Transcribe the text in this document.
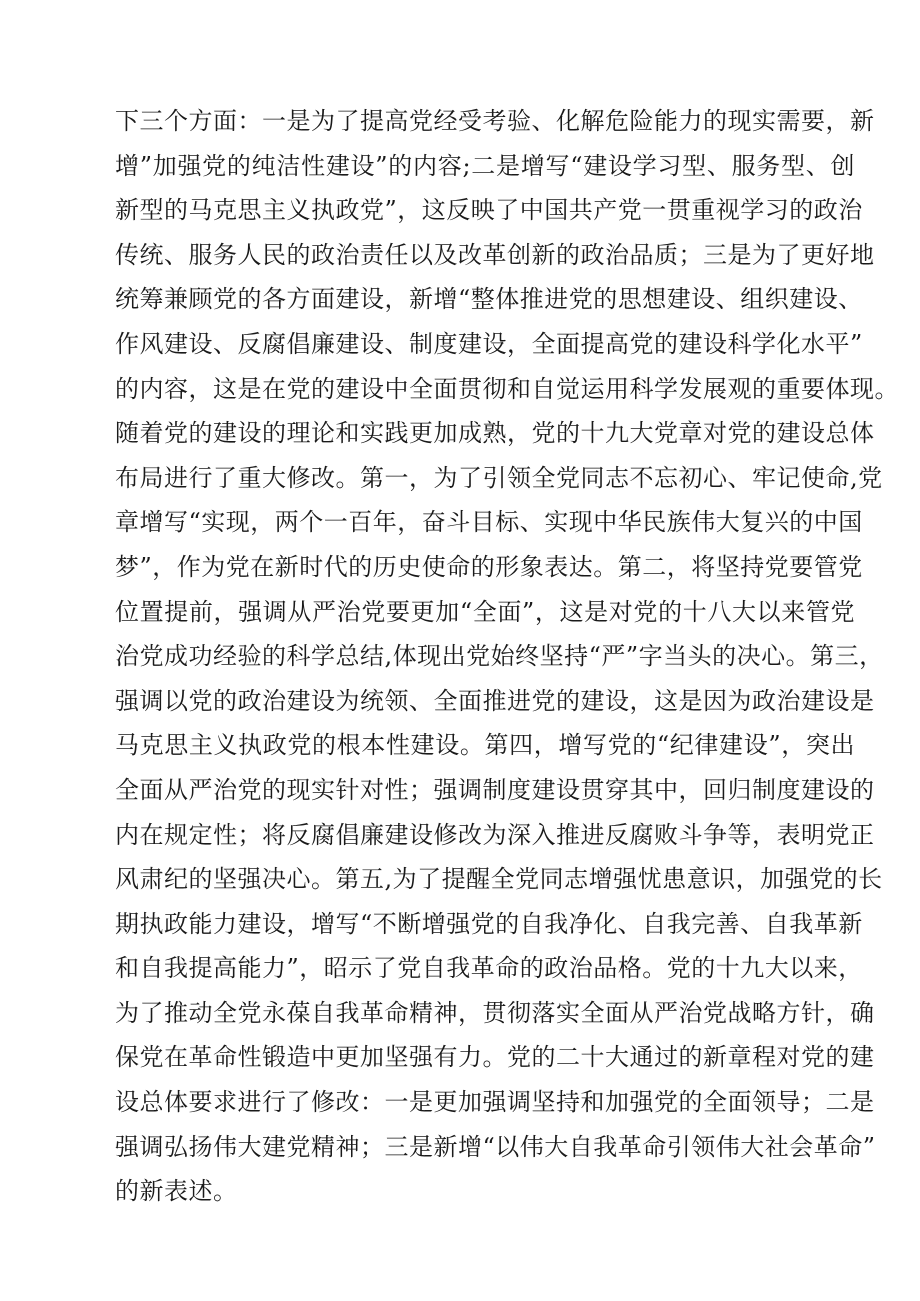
下三个方面：一是为了提高党经受考验、化解危险能力的现实需要，新
增”加强党的纯洁性建设”的内容;二是增写“建设学习型、服务型、创
新型的马克思主义执政党”，这反映了中国共产党一贯重视学习的政治
传统、服务人民的政治责任以及改革创新的政治品质；三是为了更好地
统筹兼顾党的各方面建设，新增“整体推进党的思想建设、组织建设、
作风建设、反腐倡廉建设、制度建设，全面提高党的建设科学化水平”
的内容，这是在党的建设中全面贯彻和自觉运用科学发展观的重要体现。
随着党的建设的理论和实践更加成熟，党的十九大党章对党的建设总体
布局进行了重大修改。第一，为了引领全党同志不忘初心、牢记使命,党
章增写“实现，两个一百年，奋斗目标、实现中华民族伟大复兴的中国
梦”，作为党在新时代的历史使命的形象表达。第二，将坚持党要管党
位置提前，强调从严治党要更加“全面”，这是对党的十八大以来管党
治党成功经验的科学总结,体现出党始终坚持“严”字当头的决心。第三，
强调以党的政治建设为统领、全面推进党的建设，这是因为政治建设是
马克思主义执政党的根本性建设。第四，增写党的“纪律建设”，突出
全面从严治党的现实针对性；强调制度建设贯穿其中，回归制度建设的
内在规定性；将反腐倡廉建设修改为深入推进反腐败斗争等，表明党正
风肃纪的坚强决心。第五,为了提醒全党同志增强忧患意识，加强党的长
期执政能力建设，增写“不断增强党的自我净化、自我完善、自我革新
和自我提高能力”，昭示了党自我革命的政治品格。党的十九大以来，
为了推动全党永葆自我革命精神，贯彻落实全面从严治党战略方针，确
保党在革命性锻造中更加坚强有力。党的二十大通过的新章程对党的建
设总体要求进行了修改：一是更加强调坚持和加强党的全面领导；二是
强调弘扬伟大建党精神；三是新增“以伟大自我革命引领伟大社会革命”
的新表述。
